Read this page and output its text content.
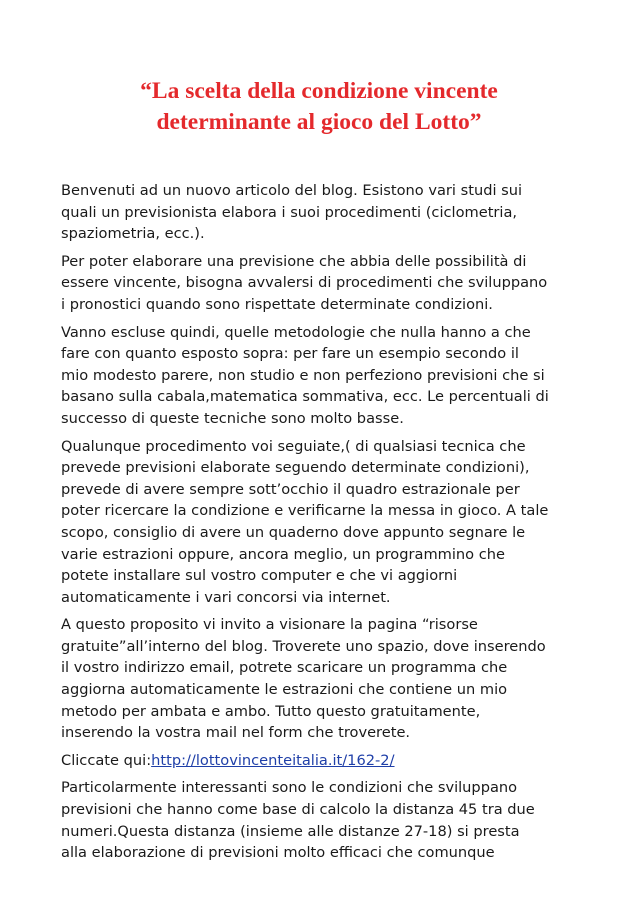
“La scelta della condizione vincente
determinante al gioco del Lotto”

Benvenuti ad un nuovo articolo del blog. Esistono vari studi sui
quali un previsionista elabora i suoi procedimenti (ciclometria,
spaziometria, ecc.).

Per poter elaborare una previsione che abbia delle possibilità di
essere vincente, bisogna avvalersi di procedimenti che sviluppano
i pronostici quando sono rispettate determinate condizioni.

Vanno escluse quindi, quelle metodologie che nulla hanno a che
fare con quanto esposto sopra: per fare un esempio secondo il
mio modesto parere, non studio e non perfeziono previsioni che si
basano sulla cabala,matematica sommativa, ecc. Le percentuali di
successo di queste tecniche sono molto basse.

Qualunque procedimento voi seguiate,( di qualsiasi tecnica che
prevede previsioni elaborate seguendo determinate condizioni),
prevede di avere sempre sott’occhio il quadro estrazionale per
poter ricercare la condizione e verificarne la messa in gioco. A tale
scopo, consiglio di avere un quaderno dove appunto segnare le
varie estrazioni oppure, ancora meglio, un programmino che
potete installare sul vostro computer e che vi aggiorni
automaticamente i vari concorsi via internet.

A questo proposito vi invito a visionare la pagina “risorse
gratuite”all’interno del blog. Troverete uno spazio, dove inserendo
il vostro indirizzo email, potrete scaricare un programma che
aggiorna automaticamente le estrazioni che contiene un mio
metodo per ambata e ambo. Tutto questo gratuitamente,
inserendo la vostra mail nel form che troverete.

Cliccate qui:http://lottovincenteitalia.it/162-2/

Particolarmente interessanti sono le condizioni che sviluppano
previsioni che hanno come base di calcolo la distanza 45 tra due
numeri.Questa distanza (insieme alle distanze 27-18) si presta
alla elaborazione di previsioni molto efficaci che comunque
